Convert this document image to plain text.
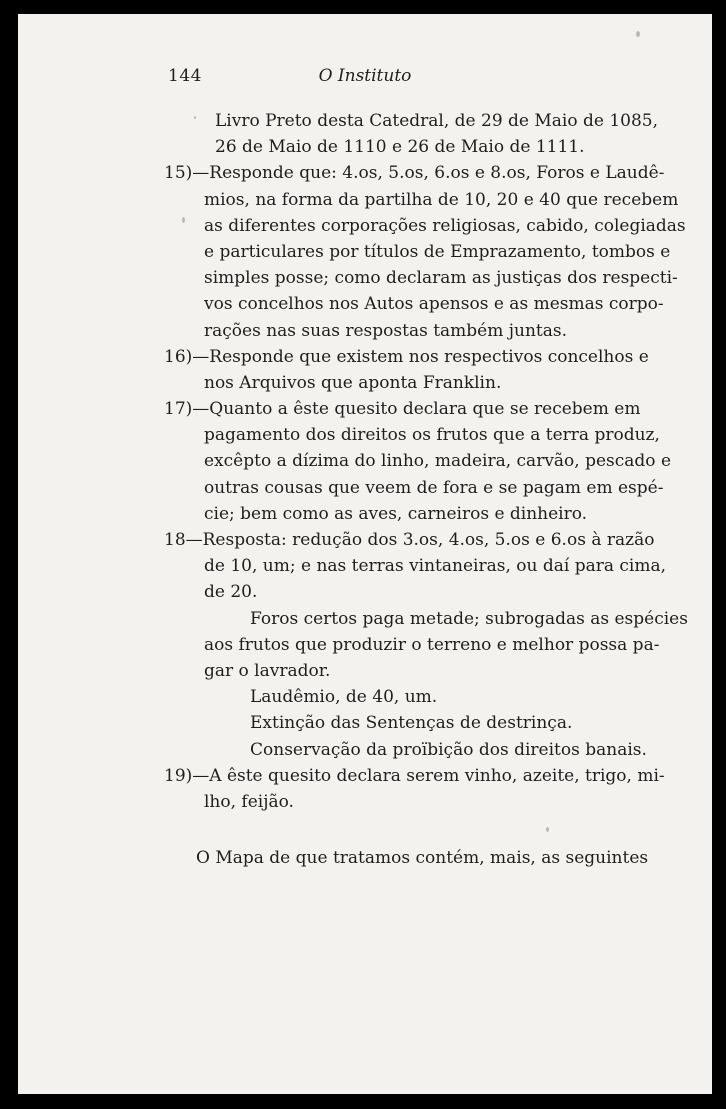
144	O Instituto
Livro Preto desta Catedral, de 29 de Maio de 1085,
26 de Maio de 1110 e 26 de Maio de 1111.
15)—Responde que: 4.os, 5.os, 6.os e 8.os, Foros e Laudê-
mios, na forma da partilha de 10, 20 e 40 que recebem
as diferentes corporações religiosas, cabido, colegiadas
e particulares por títulos de Emprazamento, tombos e
simples posse; como declaram as justiças dos respecti-
vos concelhos nos Autos apensos e as mesmas corpo-
rações nas suas respostas também juntas.
16)—Responde que existem nos respectivos concelhos e
nos Arquivos que aponta Franklin.
17)—Quanto a êste quesito declara que se recebem em
pagamento dos direitos os frutos que a terra produz,
excêpto a dízima do linho, madeira, carvão, pescado e
outras cousas que veem de fora e se pagam em espé-
cie; bem como as aves, carneiros e dinheiro.
18—Resposta: redução dos 3.os, 4.os, 5.os e 6.os à razão
de 10, um; e nas terras vintaneiras, ou daí para cima,
de 20.
Foros certos paga metade; subrogadas as espécies
aos frutos que produzir o terreno e melhor possa pa-
gar o lavrador.
Laudêmio, de 40, um.
Extinção das Sentenças de destrinça.
Conservação da proïbição dos direitos banais.
19)—A êste quesito declara serem vinho, azeite, trigo, mi-
lho, feijão.
O Mapa de que tratamos contém, mais, as seguintes
